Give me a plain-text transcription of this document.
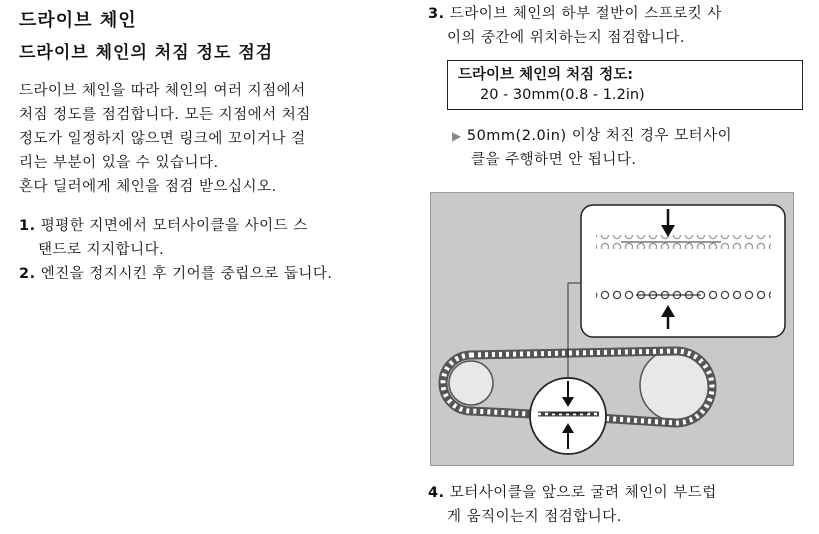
드라이브 체인
드라이브 체인의 처짐 정도 점검
드라이브 체인을 따라 체인의 여러 지점에서
처짐 정도를 점검합니다. 모든 지점에서 처짐
정도가 일정하지 않으면 링크에 꼬이거나 걸
리는 부분이 있을 수 있습니다.
혼다 딜러에게 체인을 점검 받으십시오.
1. 평평한 지면에서 모터사이클을 사이드 스
탠드로 지지합니다.
2. 엔진을 정지시킨 후 기어를 중립으로 둡니다.
3. 드라이브 체인의 하부 절반이 스프로킷 사
이의 중간에 위치하는지 점검합니다.
드라이브 체인의 처짐 정도:
20 - 30mm(0.8 - 1.2in)
▶ 50mm(2.0in) 이상 처진 경우 모터사이
클을 주행하면 안 됩니다.
4. 모터사이클을 앞으로 굴려 체인이 부드럽
게 움직이는지 점검합니다.
